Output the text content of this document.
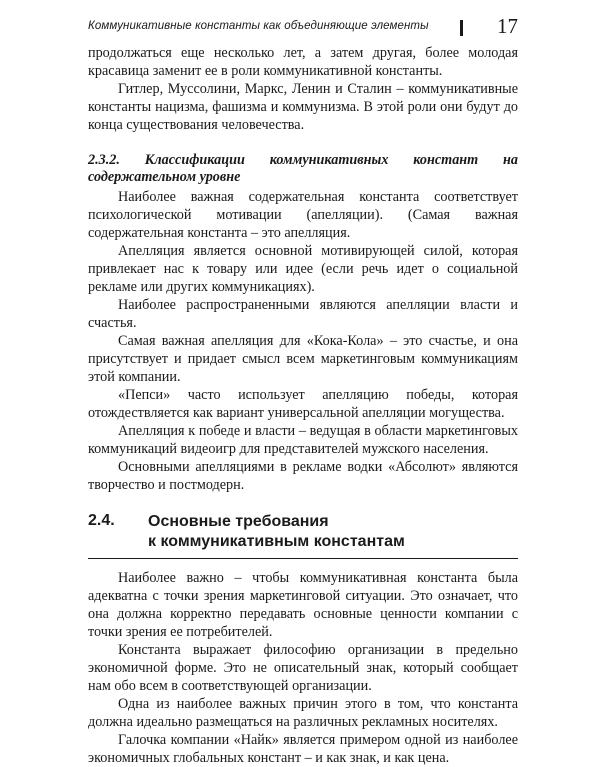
Коммуникативные константы как объединяющие элементы	17

продолжаться еще несколько лет, а затем другая, более молодая красавица заменит ее в роли коммуникативной константы.

Гитлер, Муссолини, Маркс, Ленин и Сталин – коммуникативные константы нацизма, фашизма и коммунизма. В этой роли они будут до конца существования человечества.

2.3.2. Классификации коммуникативных констант на содержательном уровне

Наиболее важная содержательная константа соответствует психологической мотивации (апелляции). (Самая важная содержательная константа – это апелляция.

Апелляция является основной мотивирующей силой, которая привлекает нас к товару или идее (если речь идет о социальной рекламе или других коммуникациях).

Наиболее распространенными являются апелляции власти и счастья.

Самая важная апелляция для «Кока-Кола» – это счастье, и она присутствует и придает смысл всем маркетинговым коммуникациям этой компании.

«Пепси» часто использует апелляцию победы, которая отождествляется как вариант универсальной апелляции могущества.

Апелляция к победе и власти – ведущая в области маркетинговых коммуникаций видеоигр для представителей мужского населения.

Основными апелляциями в рекламе водки «Абсолют» являются творчество и постмодерн.

2.4. Основные требования
к коммуникативным константам

Наиболее важно – чтобы коммуникативная константа была адекватна с точки зрения маркетинговой ситуации. Это означает, что она должна корректно передавать основные ценности компании с точки зрения ее потребителей.

Константа выражает философию организации в предельно экономичной форме. Это не описательный знак, который сообщает нам обо всем в соответствующей организации.

Одна из наиболее важных причин этого в том, что константа должна идеально размещаться на различных рекламных носителях.

Галочка компании «Найк» является примером одной из наиболее экономичных глобальных констант – и как знак, и как цена.
